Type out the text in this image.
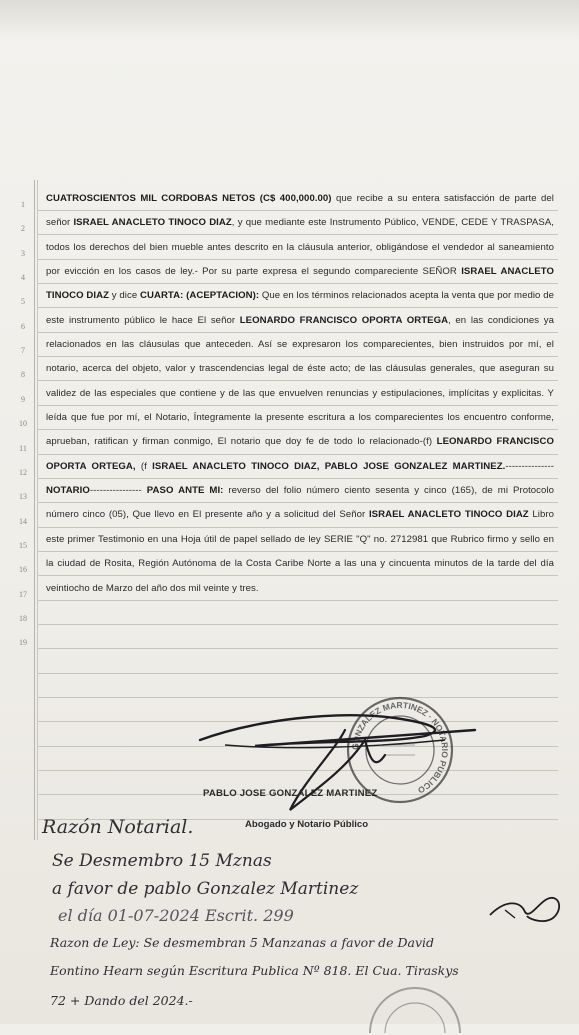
1
2
3
4
5
6
7
8
9
10
11
12
13
14
15
16
17
18
19
CUATROSCIENTOS MIL CORDOBAS NETOS (C$ 400,000.00) que recibe a su entera satisfacción de parte del señor ISRAEL ANACLETO TINOCO DIAZ, y que mediante este Instrumento Público, VENDE, CEDE Y TRASPASA, todos los derechos del bien mueble antes descrito en la cláusula anterior, obligándose el vendedor al saneamiento por evicción en los casos de ley.- Por su parte expresa el segundo compareciente SEÑOR ISRAEL ANACLETO TINOCO DIAZ y dice CUARTA: (ACEPTACION): Que en los términos relacionados acepta la venta que por medio de este instrumento público le hace El señor LEONARDO FRANCISCO OPORTA ORTEGA, en las condiciones ya relacionados en las cláusulas que anteceden. Así se expresaron los comparecientes, bien instruidos por mí, el notario, acerca del objeto, valor y trascendencias legal de éste acto; de las cláusulas generales, que aseguran su validez de las especiales que contiene y de las que envuelven renuncias y estipulaciones, implícitas y explicitas. Y leída que fue por mí, el Notario, Íntegramente la presente escritura a los comparecientes los encuentro conforme, aprueban, ratifican y firman conmigo, El notario que doy fe de todo lo relacionado-(f) LEONARDO FRANCISCO OPORTA ORTEGA, (f ISRAEL ANACLETO TINOCO DIAZ, PABLO JOSE GONZALEZ MARTINEZ.---------------NOTARIO---------------- PASO ANTE MI: reverso del folio número ciento sesenta y cinco (165), de mi Protocolo número cinco (05), Que llevo en El presente año y a solicitud del Señor ISRAEL ANACLETO TINOCO DIAZ Libro este primer Testimonio en una Hoja útil de papel sellado de ley SERIE "Q" no. 2712981 que Rubrico firmo y sello en la ciudad de Rosita, Región Autónoma de la Costa Caribe Norte a las una y cincuenta minutos de la tarde del día veintiocho de Marzo del año dos mil veinte y tres.
GONZALEZ MARTINEZ · NOTARIO PUBLICO
PABLO JOSE GONZALEZ MARTINEZ
Abogado y Notario Público
Razón Notarial.
Se Desmembro 15 Mznas
a favor de pablo Gonzalez Martinez
el día 01-07-2024 Escrit. 299
Razon de Ley: Se desmembran 5 Manzanas a favor de David
Eontino Hearn según Escritura Publica Nº 818. El Cua. Tiraskys
72 + Dando del 2024.-
